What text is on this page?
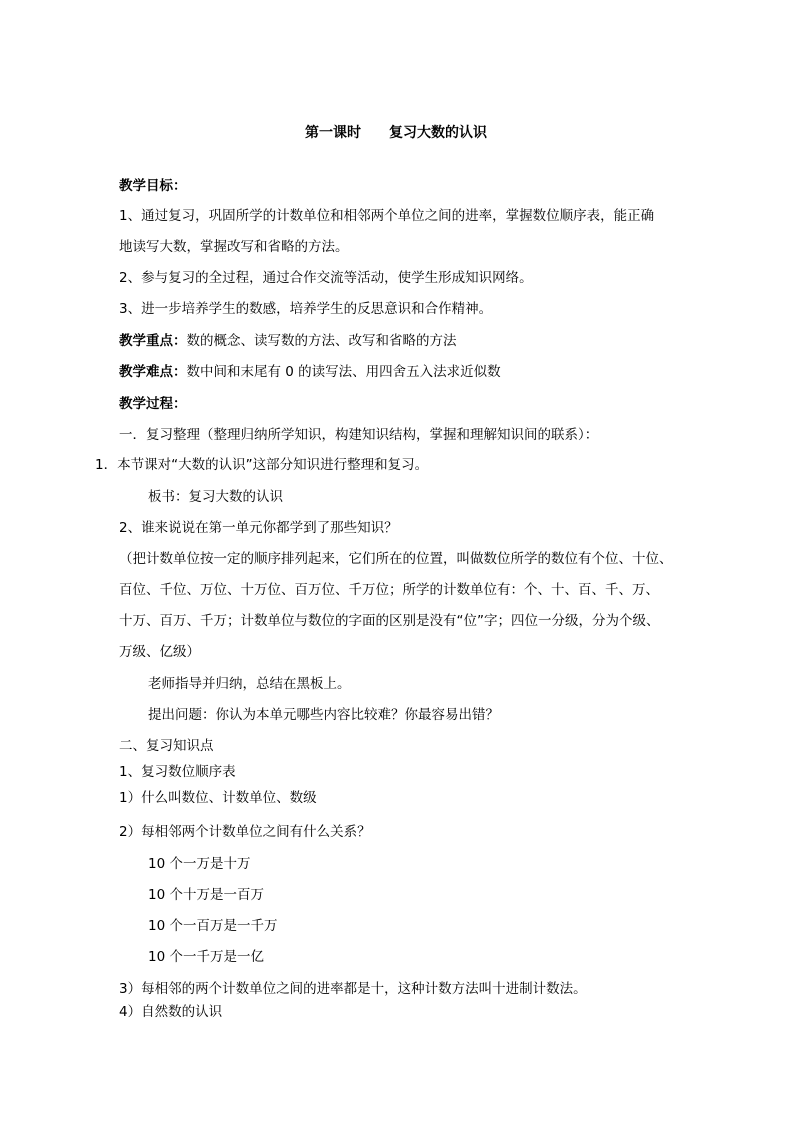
第一课时 复习大数的认识
教学目标：
1、通过复习，巩固所学的计数单位和相邻两个单位之间的进率，掌握数位顺序表，能正确
地读写大数，掌握改写和省略的方法。
2、参与复习的全过程，通过合作交流等活动，使学生形成知识网络。
3、进一步培养学生的数感，培养学生的反思意识和合作精神。
教学重点：数的概念、读写数的方法、改写和省略的方法
教学难点：数中间和末尾有 0 的读写法、用四舍五入法求近似数
教学过程：
一．复习整理（整理归纳所学知识，构建知识结构，掌握和理解知识间的联系）：
1．本节课对“大数的认识”这部分知识进行整理和复习。
板书：复习大数的认识
2、谁来说说在第一单元你都学到了那些知识？
（把计数单位按一定的顺序排列起来，它们所在的位置，叫做数位所学的数位有个位、十位、
百位、千位、万位、十万位、百万位、千万位；所学的计数单位有：个、十、百、千、万、
十万、百万、千万；计数单位与数位的字面的区别是没有“位”字；四位一分级，分为个级、
万级、亿级）
老师指导并归纳，总结在黑板上。
提出问题：你认为本单元哪些内容比较难？你最容易出错？
二、复习知识点
1、复习数位顺序表
1）什么叫数位、计数单位、数级
2）每相邻两个计数单位之间有什么关系？
10 个一万是十万
10 个十万是一百万
10 个一百万是一千万
10 个一千万是一亿
3）每相邻的两个计数单位之间的进率都是十，这种计数方法叫十进制计数法。
4）自然数的认识
